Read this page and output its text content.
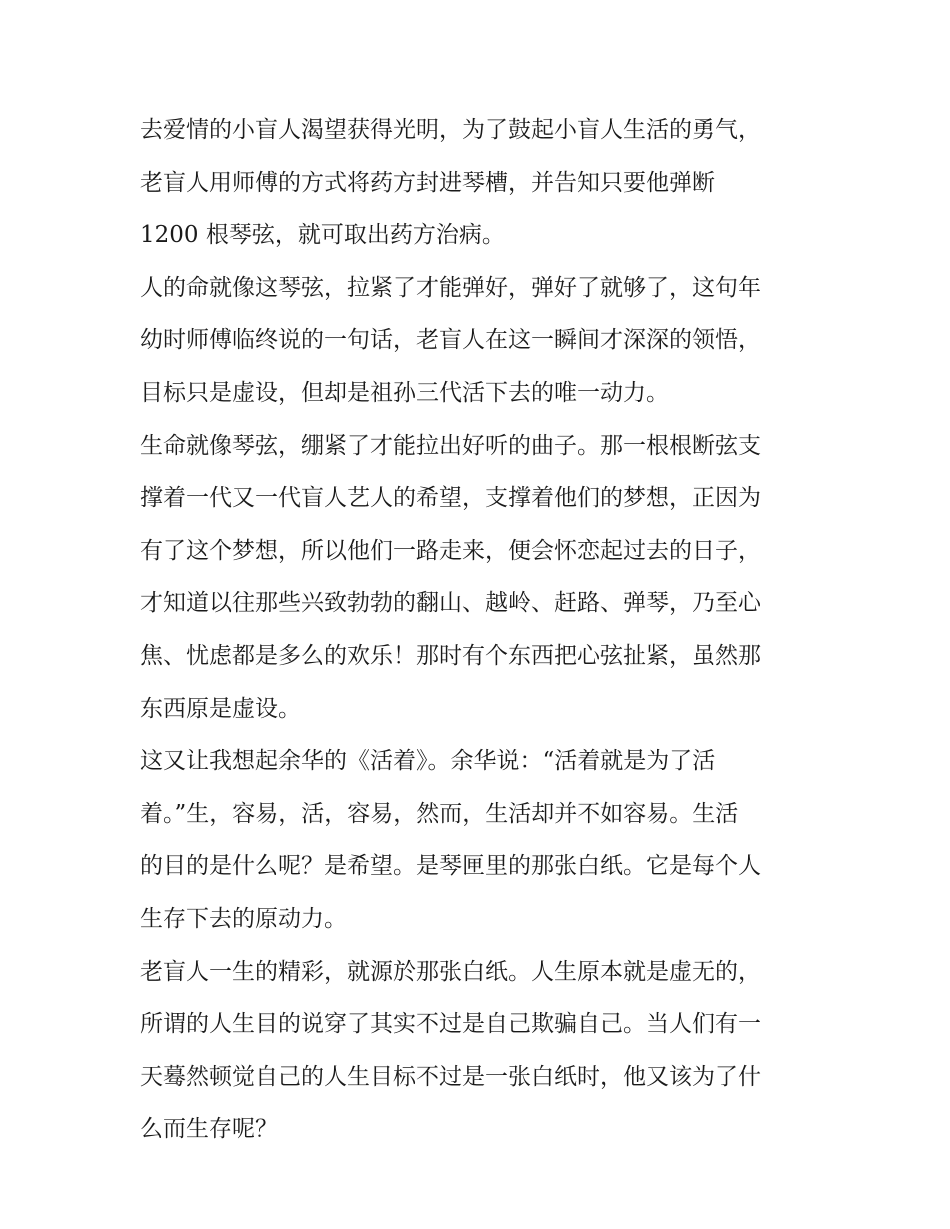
去爱情的小盲人渴望获得光明，为了鼓起小盲人生活的勇气，
老盲人用师傅的方式将药方封进琴槽，并告知只要他弹断
1200 根琴弦，就可取出药方治病。
人的命就像这琴弦，拉紧了才能弹好，弹好了就够了，这句年
幼时师傅临终说的一句话，老盲人在这一瞬间才深深的领悟，
目标只是虚设，但却是祖孙三代活下去的唯一动力。
生命就像琴弦，绷紧了才能拉出好听的曲子。那一根根断弦支
撑着一代又一代盲人艺人的希望，支撑着他们的梦想，正因为
有了这个梦想，所以他们一路走来，便会怀恋起过去的日子，
才知道以往那些兴致勃勃的翻山、越岭、赶路、弹琴，乃至心
焦、忧虑都是多么的欢乐！那时有个东西把心弦扯紧，虽然那
东西原是虚设。
这又让我想起余华的《活着》。余华说：“活着就是为了活
着。”生，容易，活，容易，然而，生活却并不如容易。生活
的目的是什么呢？是希望。是琴匣里的那张白纸。它是每个人
生存下去的原动力。
老盲人一生的精彩，就源於那张白纸。人生原本就是虚无的，
所谓的人生目的说穿了其实不过是自己欺骗自己。当人们有一
天蓦然顿觉自己的人生目标不过是一张白纸时，他又该为了什
么而生存呢？
